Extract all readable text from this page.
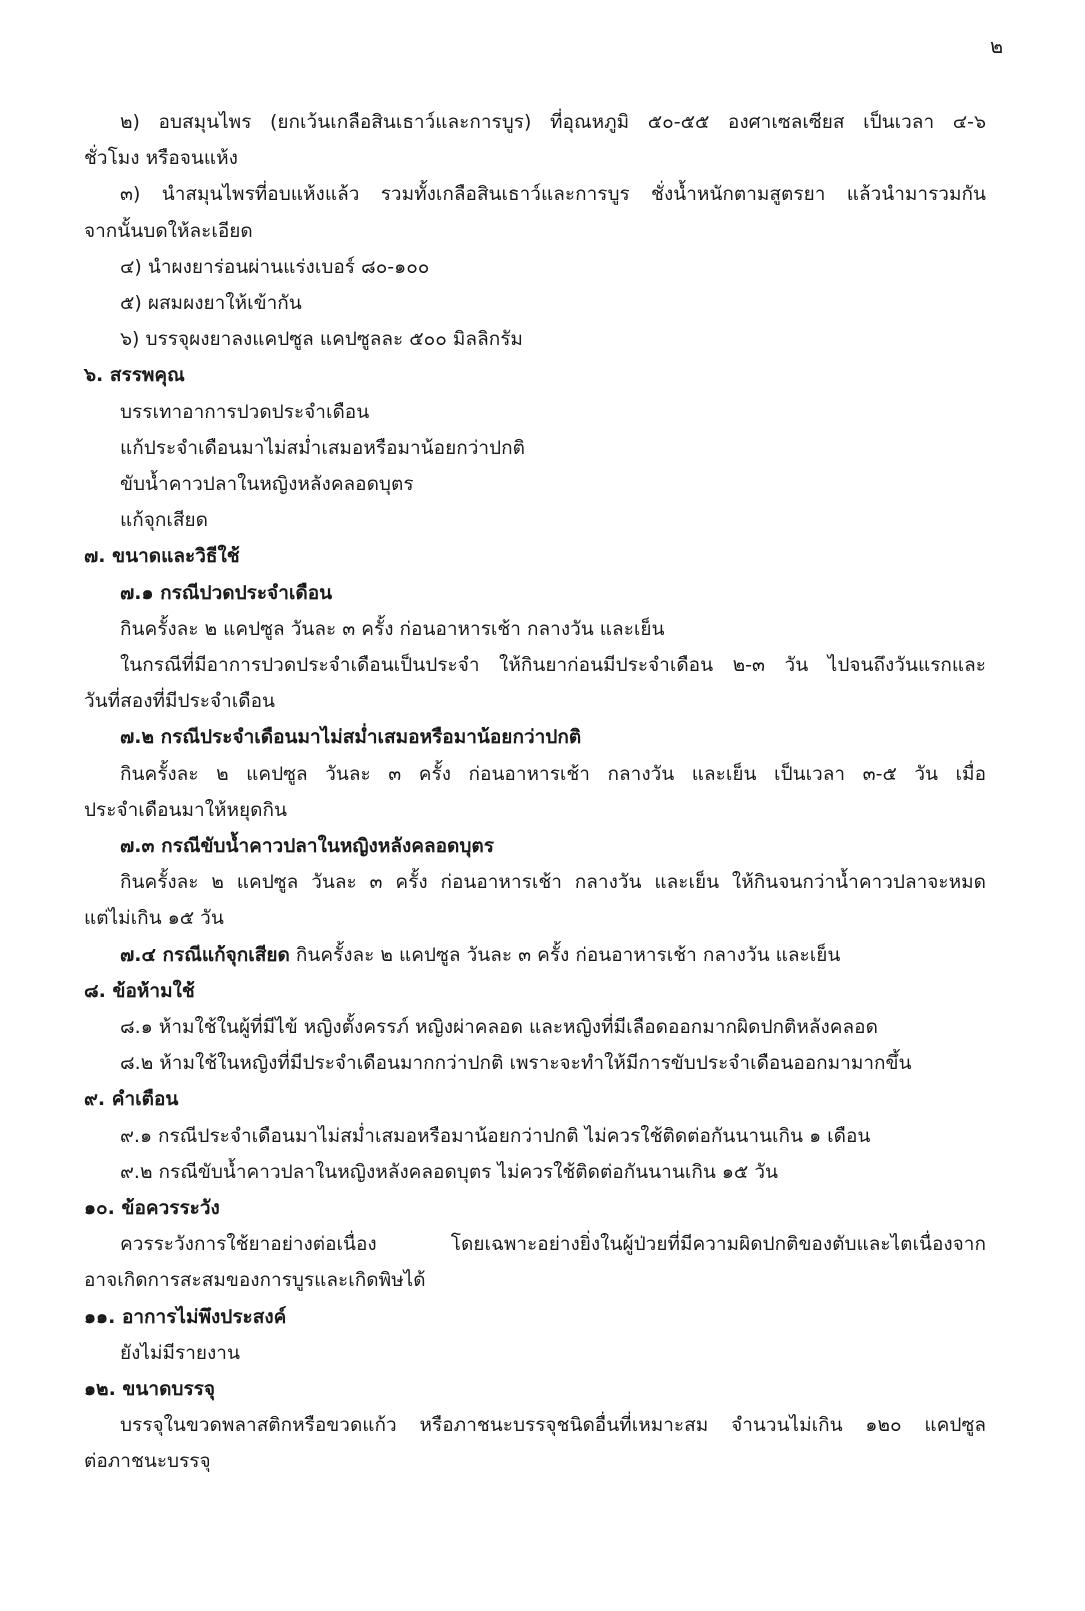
๒
๒) อบสมุนไพร (ยกเว้นเกลือสินเธาว์และการบูร) ที่อุณหภูมิ ๕๐-๕๕ องศาเซลเซียส เป็นเวลา ๔-๖
ชั่วโมง หรือจนแห้ง
๓) นำสมุนไพรที่อบแห้งแล้ว รวมทั้งเกลือสินเธาว์และการบูร ชั่งน้ำหนักตามสูตรยา แล้วนำมารวมกัน
จากนั้นบดให้ละเอียด
๔) นำผงยาร่อนผ่านแร่งเบอร์ ๘๐-๑๐๐
๕) ผสมผงยาให้เข้ากัน
๖) บรรจุผงยาลงแคปซูล แคปซูลละ ๕๐๐ มิลลิกรัม
๖. สรรพคุณ
บรรเทาอาการปวดประจำเดือน
แก้ประจำเดือนมาไม่สม่ำเสมอหรือมาน้อยกว่าปกติ
ขับน้ำคาวปลาในหญิงหลังคลอดบุตร
แก้จุกเสียด
๗. ขนาดและวิธีใช้
๗.๑ กรณีปวดประจำเดือน
กินครั้งละ ๒ แคปซูล วันละ ๓ ครั้ง ก่อนอาหารเช้า กลางวัน และเย็น
ในกรณีที่มีอาการปวดประจำเดือนเป็นประจำ ให้กินยาก่อนมีประจำเดือน ๒-๓ วัน ไปจนถึงวันแรกและ
วันที่สองที่มีประจำเดือน
๗.๒ กรณีประจำเดือนมาไม่สม่ำเสมอหรือมาน้อยกว่าปกติ
กินครั้งละ ๒ แคปซูล วันละ ๓ ครั้ง ก่อนอาหารเช้า กลางวัน และเย็น เป็นเวลา ๓-๕ วัน เมื่อ
ประจำเดือนมาให้หยุดกิน
๗.๓ กรณีขับน้ำคาวปลาในหญิงหลังคลอดบุตร
กินครั้งละ ๒ แคปซูล วันละ ๓ ครั้ง ก่อนอาหารเช้า กลางวัน และเย็น ให้กินจนกว่าน้ำคาวปลาจะหมด
แต่ไม่เกิน ๑๕ วัน
๗.๔ กรณีแก้จุกเสียด กินครั้งละ ๒ แคปซูล วันละ ๓ ครั้ง ก่อนอาหารเช้า กลางวัน และเย็น
๘. ข้อห้ามใช้
๘.๑ ห้ามใช้ในผู้ที่มีไข้ หญิงตั้งครรภ์ หญิงผ่าคลอด และหญิงที่มีเลือดออกมากผิดปกติหลังคลอด
๘.๒ ห้ามใช้ในหญิงที่มีประจำเดือนมากกว่าปกติ เพราะจะทำให้มีการขับประจำเดือนออกมามากขึ้น
๙. คำเตือน
๙.๑ กรณีประจำเดือนมาไม่สม่ำเสมอหรือมาน้อยกว่าปกติ ไม่ควรใช้ติดต่อกันนานเกิน ๑ เดือน
๙.๒ กรณีขับน้ำคาวปลาในหญิงหลังคลอดบุตร ไม่ควรใช้ติดต่อกันนานเกิน ๑๕ วัน
๑๐. ข้อควรระวัง
ควรระวังการใช้ยาอย่างต่อเนื่อง โดยเฉพาะอย่างยิ่งในผู้ป่วยที่มีความผิดปกติของตับและไตเนื่องจาก
อาจเกิดการสะสมของการบูรและเกิดพิษได้
๑๑. อาการไม่พึงประสงค์
ยังไม่มีรายงาน
๑๒. ขนาดบรรจุ
บรรจุในขวดพลาสติกหรือขวดแก้ว หรือภาชนะบรรจุชนิดอื่นที่เหมาะสม จำนวนไม่เกิน ๑๒๐ แคปซูล
ต่อภาชนะบรรจุ
